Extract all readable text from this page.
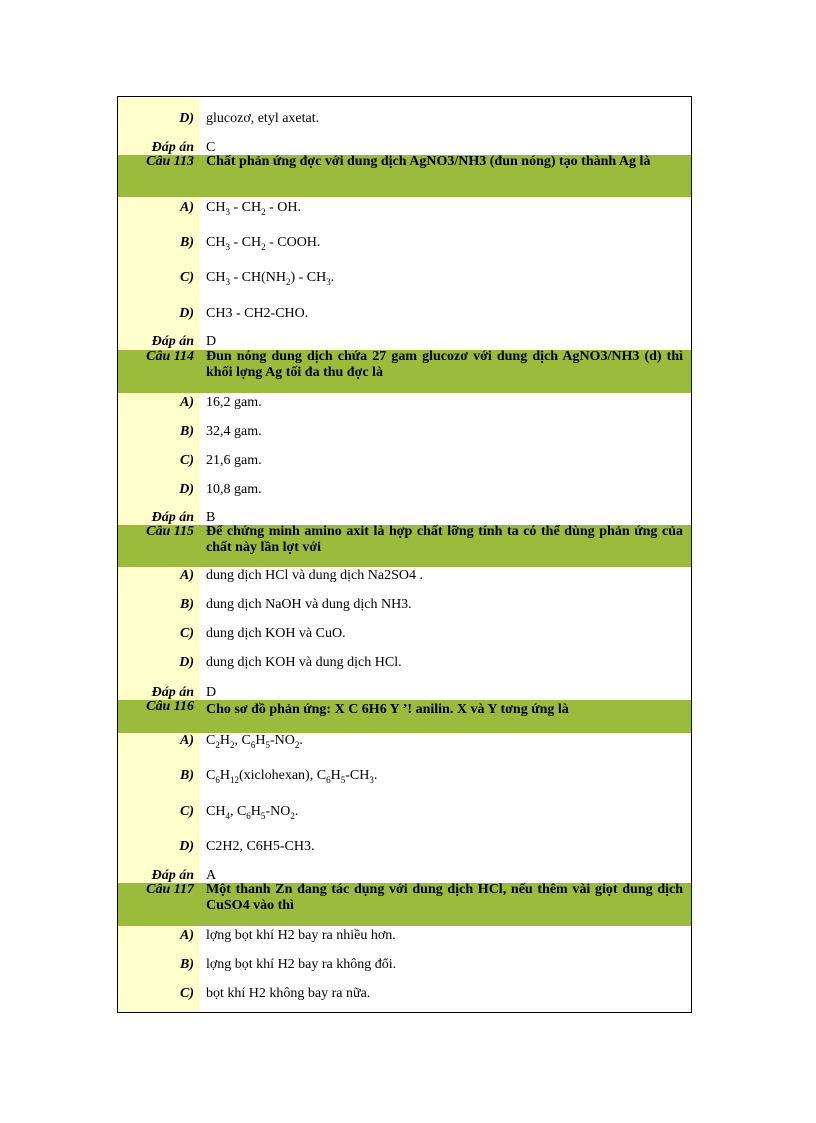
D) glucozơ, etyl axetat.
Đáp án C
Câu 113 Chất phản ứng đợc với dung dịch AgNO3/NH3 (đun nóng) tạo thành Ag là
A) $CH_3 - CH_2$ - OH.
B) $CH_3 - CH_2$ - COOH.
C) $CH_3 - CH(NH_2) - CH_3$.
D) CH3 - CH2-CHO.
Đáp án D
Câu 114 Đun nóng dung dịch chứa 27 gam glucozơ với dung dịch AgNO3/NH3 (d) thì khối lợng Ag tối đa thu đợc là
A) 16,2 gam.
B) 32,4 gam.
C) 21,6 gam.
D) 10,8 gam.
Đáp án B
Câu 115 Để chứng minh amino axit là hợp chất lỡng tính ta có thể dùng phản ứng của chất này lần lợt với
A) dung dịch HCl và dung dịch Na2SO4 .
B) dung dịch NaOH và dung dịch NH3.
C) dung dịch KOH và CuO.
D) dung dịch KOH và dung dịch HCl.
Đáp án D
Câu 116 Cho sơ đồ phản ứng: X C 6H6 Y ’! anilin. X và Y tơng ứng là
A) $C_2H_2$, $C_6H_5-NO_2$.
B) $C_6H_{12}(xiclohexan)$, $C_6H_5-CH_3$.
C) $CH_4$, $C_6H_5-NO_2$.
D) C2H2, C6H5-CH3.
Đáp án A
Câu 117 Một thanh Zn đang tác dụng với dung dịch HCl, nếu thêm vài giọt dung dịch CuSO4 vào thì
A) lợng bọt khí H2 bay ra nhiều hơn.
B) lợng bọt khí H2 bay ra không đổi.
C) bọt khí H2 không bay ra nữa.
